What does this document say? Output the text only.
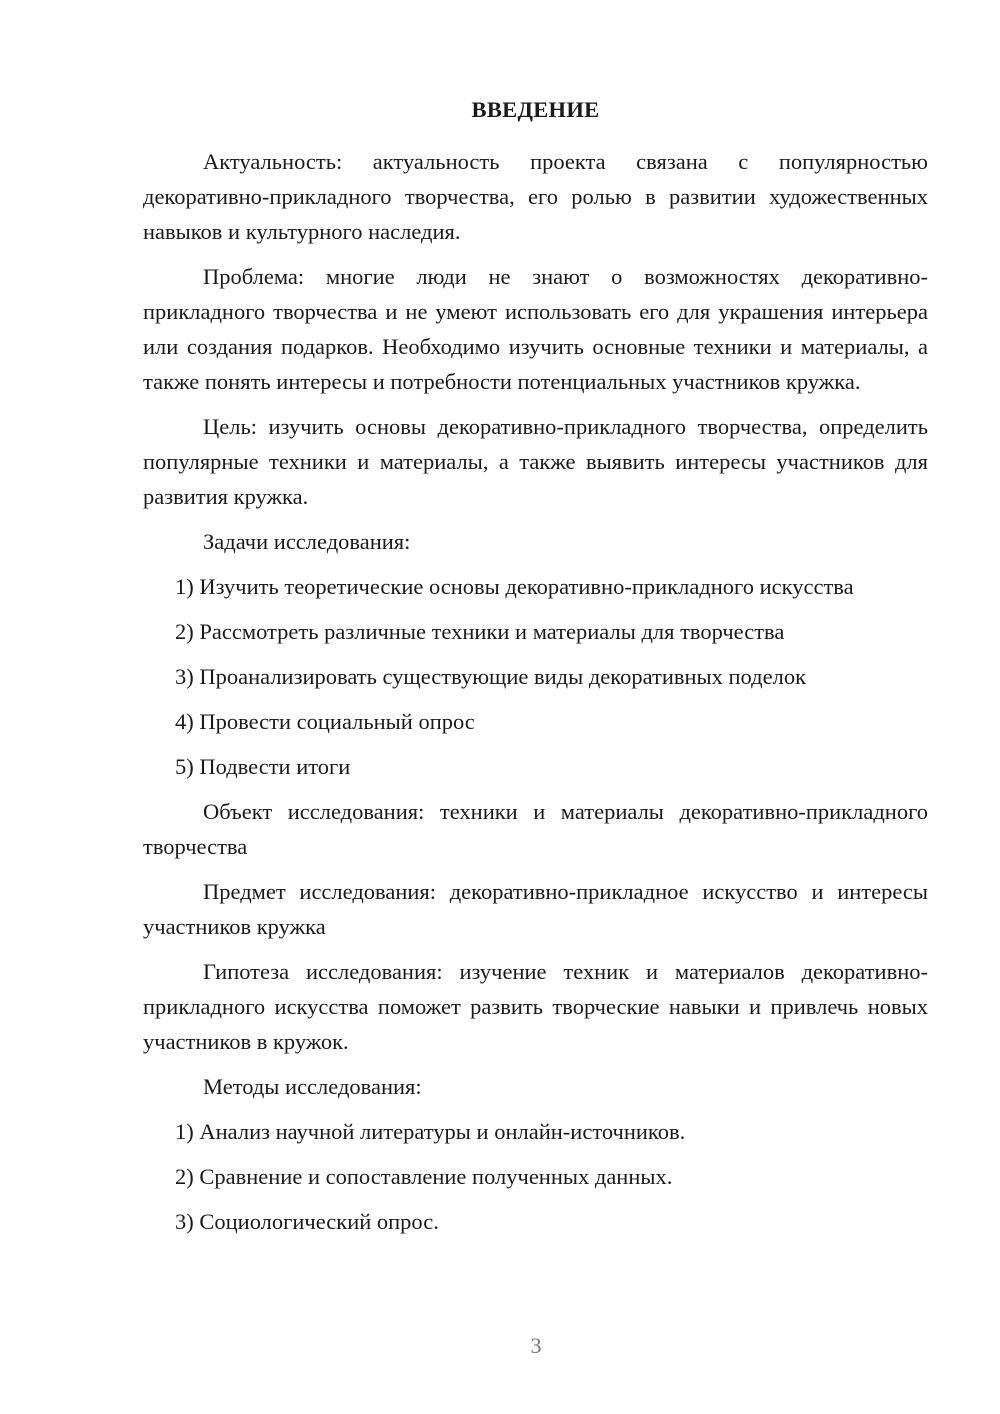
ВВЕДЕНИЕ

Актуальность: актуальность проекта связана с популярностью декоративно-прикладного творчества, его ролью в развитии художественных навыков и культурного наследия.

Проблема: многие люди не знают о возможностях декоративно-прикладного творчества и не умеют использовать его для украшения интерьера или создания подарков. Необходимо изучить основные техники и материалы, а также понять интересы и потребности потенциальных участников кружка.

Цель: изучить основы декоративно-прикладного творчества, определить популярные техники и материалы, а также выявить интересы участников для развития кружка.

Задачи исследования:

1) Изучить теоретические основы декоративно-прикладного искусства
2) Рассмотреть различные техники и материалы для творчества
3) Проанализировать существующие виды декоративных поделок
4) Провести социальный опрос
5) Подвести итоги

Объект исследования: техники и материалы декоративно-прикладного творчества

Предмет исследования: декоративно-прикладное искусство и интересы участников кружка

Гипотеза исследования: изучение техник и материалов декоративно-прикладного искусства поможет развить творческие навыки и привлечь новых участников в кружок.

Методы исследования:

1) Анализ научной литературы и онлайн-источников.
2) Сравнение и сопоставление полученных данных.
3) Социологический опрос.
3
